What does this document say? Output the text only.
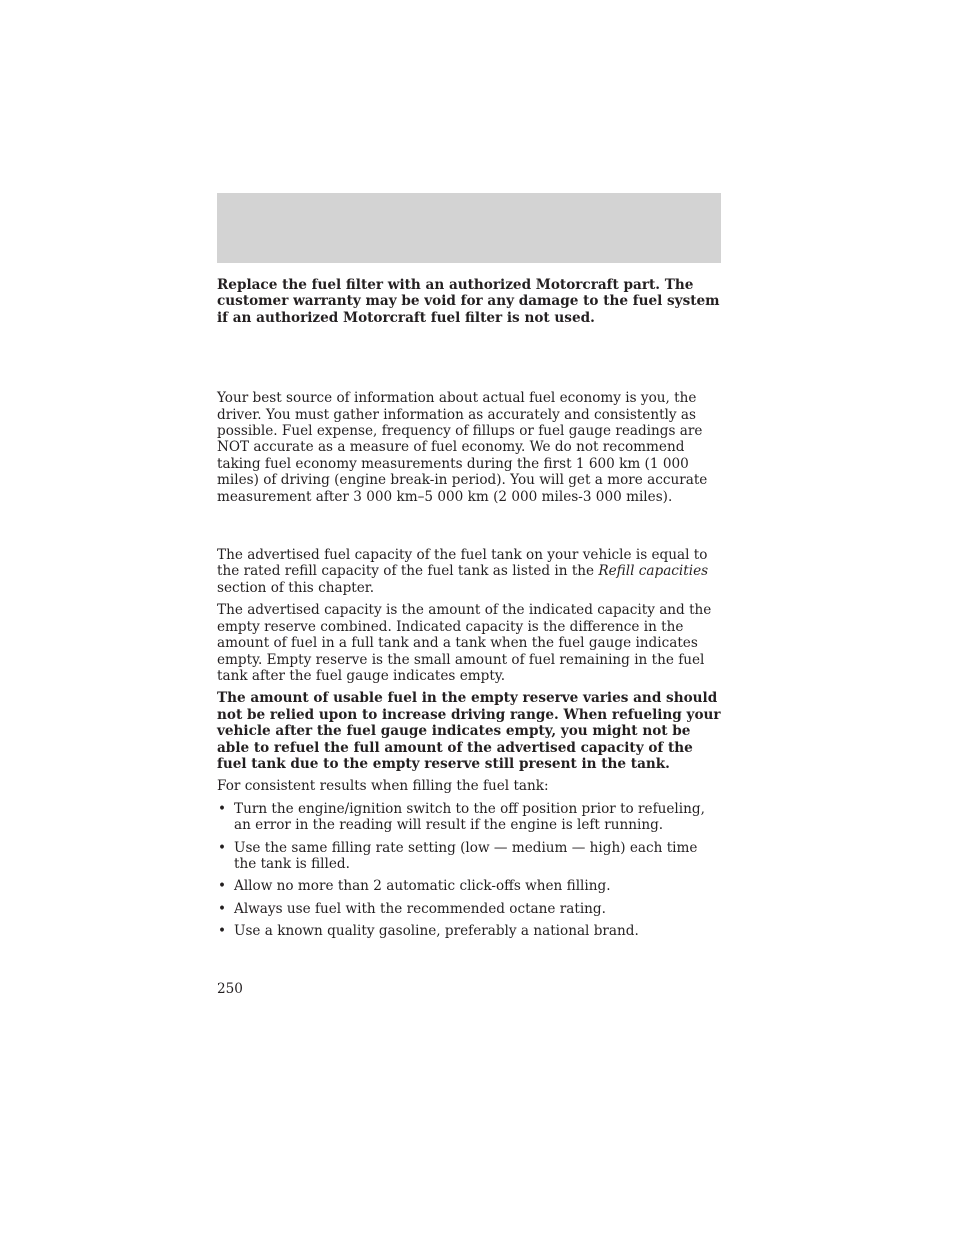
Replace the fuel filter with an authorized Motorcraft part. The customer warranty may be void for any damage to the fuel system if an authorized Motorcraft fuel filter is not used.

Your best source of information about actual fuel economy is you, the driver. You must gather information as accurately and consistently as possible. Fuel expense, frequency of fillups or fuel gauge readings are NOT accurate as a measure of fuel economy. We do not recommend taking fuel economy measurements during the first 1 600 km (1 000 miles) of driving (engine break-in period). You will get a more accurate measurement after 3 000 km–5 000 km (2 000 miles-3 000 miles).

The advertised fuel capacity of the fuel tank on your vehicle is equal to the rated refill capacity of the fuel tank as listed in the Refill capacities section of this chapter.

The advertised capacity is the amount of the indicated capacity and the empty reserve combined. Indicated capacity is the difference in the amount of fuel in a full tank and a tank when the fuel gauge indicates empty. Empty reserve is the small amount of fuel remaining in the fuel tank after the fuel gauge indicates empty.

The amount of usable fuel in the empty reserve varies and should not be relied upon to increase driving range. When refueling your vehicle after the fuel gauge indicates empty, you might not be able to refuel the full amount of the advertised capacity of the fuel tank due to the empty reserve still present in the tank.

For consistent results when filling the fuel tank:

• Turn the engine/ignition switch to the off position prior to refueling, an error in the reading will result if the engine is left running.
• Use the same filling rate setting (low — medium — high) each time the tank is filled.
• Allow no more than 2 automatic click-offs when filling.
• Always use fuel with the recommended octane rating.
• Use a known quality gasoline, preferably a national brand.
250
